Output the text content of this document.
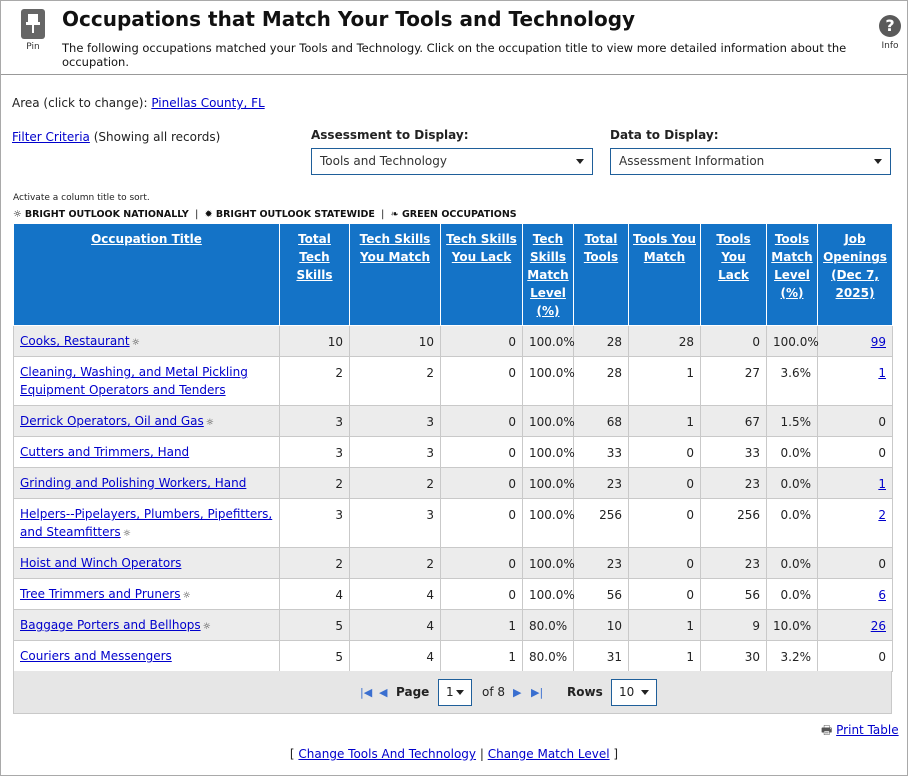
Pin
Occupations that Match Your Tools and Technology
The following occupations matched your Tools and Technology. Click on the occupation title to view more detailed information about the occupation.
?
Info
Area (click to change): Pinellas County, FL
Filter Criteria (Showing all records)	Assessment to Display:
Tools and Technology
Data to Display:
Assessment Information
Activate a column title to sort.
☼ BRIGHT OUTLOOK NATIONALLY | ✹ BRIGHT OUTLOOK STATEWIDE | ❧ GREEN OCCUPATIONS
Occupation Title	Total Tech Skills	Tech Skills You Match	Tech Skills You Lack	Tech Skills Match Level (%)	Total Tools	Tools You Match	Tools You Lack	Tools Match Level (%)	Job Openings (Dec 7, 2025)
Cooks, Restaurant ☼	10	10	0	100.0%	28	28	0	100.0%	99
Cleaning, Washing, and Metal Pickling Equipment Operators and Tenders	2	2	0	100.0%	28	1	27	3.6%	1
Derrick Operators, Oil and Gas ☼	3	3	0	100.0%	68	1	67	1.5%	0
Cutters and Trimmers, Hand	3	3	0	100.0%	33	0	33	0.0%	0
Grinding and Polishing Workers, Hand	2	2	0	100.0%	23	0	23	0.0%	1
Helpers--Pipelayers, Plumbers, Pipefitters, and Steamfitters ☼	3	3	0	100.0%	256	0	256	0.0%	2
Hoist and Winch Operators	2	2	0	100.0%	23	0	23	0.0%	0
Tree Trimmers and Pruners ☼	4	4	0	100.0%	56	0	56	0.0%	6
Baggage Porters and Bellhops ☼	5	4	1	80.0%	10	1	9	10.0%	26
Couriers and Messengers	5	4	1	80.0%	31	1	30	3.2%	0
|◀ ◀ Page	1	of 8 ▶ ▶| Rows	10
🖶 Print Table
[ Change Tools And Technology | Change Match Level ]
